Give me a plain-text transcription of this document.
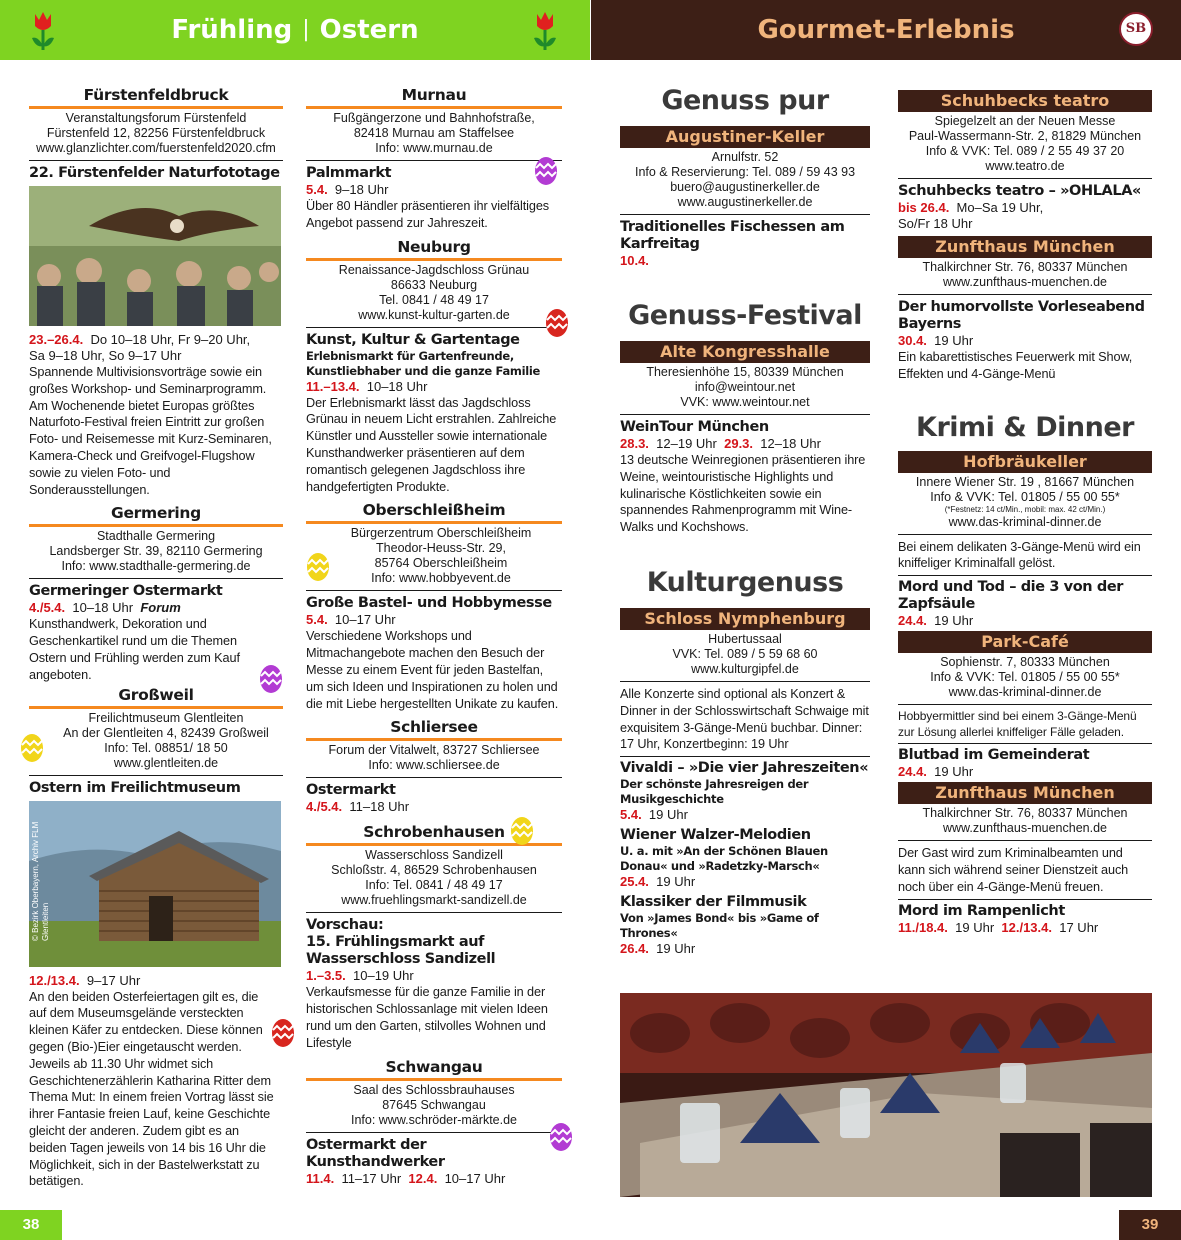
Frühling | Ostern	Gourmet-Erlebnis	SB
Fürstenfeldbruck
Veranstaltungsforum Fürstenfeld
Fürstenfeld 12, 82256 Fürstenfeldbruck
www.glanzlichter.com/fuerstenfeld2020.cfm
22. Fürstenfelder Naturfototage
23.–26.4. Do 10–18 Uhr, Fr 9–20 Uhr,
Sa 9–18 Uhr, So 9–17 Uhr
Spannende Multivisionsvorträge sowie ein großes Workshop- und Seminarprogramm. Am Wochenende bietet Europas größtes Naturfoto-Festival freien Eintritt zur großen Foto- und Reisemesse mit Kurz-Seminaren, Kamera-Check und Greifvogel-Flugshow sowie zu vielen Foto- und Sonderausstellungen.
Germering
Stadthalle Germering
Landsberger Str. 39, 82110 Germering
Info: www.stadthalle-germering.de
Germeringer Ostermarkt
4./5.4. 10–18 Uhr Forum
Kunsthandwerk, Dekoration und Geschenkartikel rund um die Themen Ostern und Frühling werden zum Kauf angeboten.
Großweil
Freilichtmuseum Glentleiten
An der Glentleiten 4, 82439 Großweil
Info: Tel. 08851/ 18 50
www.glentleiten.de
Ostern im Freilichtmuseum
© Bezirk Oberbayern, Archiv FLM Glentleiten
12./13.4. 9–17 Uhr
An den beiden Osterfeiertagen gilt es, die auf dem Museumsgelände versteckten kleinen Käfer zu entdecken. Diese können gegen (Bio-)Eier eingetauscht werden. Jeweils ab 11.30 Uhr widmet sich Geschichtenerzählerin Katharina Ritter dem Thema Mut: In einem freien Vortrag lässt sie ihrer Fantasie freien Lauf, keine Geschichte gleicht der anderen. Zudem gibt es an beiden Tagen jeweils von 14 bis 16 Uhr die Möglichkeit, sich in der Bastelwerkstatt zu betätigen.
Murnau
Fußgängerzone und Bahnhofstraße,
82418 Murnau am Staffelsee
Info: www.murnau.de
Palmmarkt
5.4. 9–18 Uhr
Über 80 Händler präsentieren ihr vielfältiges Angebot passend zur Jahreszeit.
Neuburg
Renaissance-Jagdschloss Grünau
86633 Neuburg
Tel. 0841 / 48 49 17
www.kunst-kultur-garten.de
Kunst, Kultur & Gartentage
Erlebnismarkt für Gartenfreunde, Kunstliebhaber und die ganze Familie
11.–13.4. 10–18 Uhr
Der Erlebnismarkt lässt das Jagdschloss Grünau in neuem Licht erstrahlen. Zahlreiche Künstler und Aussteller sowie internationale Kunsthandwerker präsentieren auf dem romantisch gelegenen Jagdschloss ihre handgefertigten Produkte.
Oberschleißheim
Bürgerzentrum Oberschleißheim
Theodor-Heuss-Str. 29,
85764 Oberschleißheim
Info: www.hobbyevent.de
Große Bastel- und Hobbymesse
5.4. 10–17 Uhr
Verschiedene Workshops und Mitmachangebote machen den Besuch der Messe zu einem Event für jeden Bastelfan, um sich Ideen und Inspirationen zu holen und die mit Liebe hergestellten Unikate zu kaufen.
Schliersee
Forum der Vitalwelt, 83727 Schliersee
Info: www.schliersee.de
Ostermarkt
4./5.4. 11–18 Uhr
Schrobenhausen
Wasserschloss Sandizell
Schloßstr. 4, 86529 Schrobenhausen
Info: Tel. 0841 / 48 49 17
www.fruehlingsmarkt-sandizell.de
Vorschau:
15. Frühlingsmarkt auf Wasserschloss Sandizell
1.–3.5. 10–19 Uhr
Verkaufsmesse für die ganze Familie in der historischen Schlossanlage mit vielen Ideen rund um den Garten, stilvolles Wohnen und Lifestyle
Schwangau
Saal des Schlossbrauhauses
87645 Schwangau
Info: www.schröder-märkte.de
Ostermarkt der Kunsthandwerker
11.4. 11–17 Uhr 12.4. 10–17 Uhr
Genuss pur
Augustiner-Keller
Arnulfstr. 52
Info & Reservierung: Tel. 089 / 59 43 93
buero@augustinerkeller.de
www.augustinerkeller.de
Traditionelles Fischessen am Karfreitag
10.4.
Genuss-Festival
Alte Kongresshalle
Theresienhöhe 15, 80339 München
info@weintour.net
VVK: www.weintour.net
WeinTour München
28.3. 12–19 Uhr 29.3. 12–18 Uhr
13 deutsche Weinregionen präsentieren ihre Weine, weintouristische Highlights und kulinarische Köstlichkeiten sowie ein spannendes Rahmenprogramm mit Wine-Walks und Kochshows.
Kulturgenuss
Schloss Nymphenburg
Hubertussaal
VVK: Tel. 089 / 5 59 68 60
www.kulturgipfel.de
Alle Konzerte sind optional als Konzert & Dinner in der Schlosswirtschaft Schwaige mit exquisitem 3-Gänge-Menü buchbar. Dinner: 17 Uhr, Konzertbeginn: 19 Uhr
Vivaldi – »Die vier Jahreszeiten«
Der schönste Jahresreigen der Musikgeschichte
5.4. 19 Uhr
Wiener Walzer-Melodien
U. a. mit »An der Schönen Blauen Donau« und »Radetzky-Marsch«
25.4. 19 Uhr
Klassiker der Filmmusik
Von »James Bond« bis »Game of Thrones«
26.4. 19 Uhr
Schuhbecks teatro
Spiegelzelt an der Neuen Messe
Paul-Wassermann-Str. 2, 81829 München
Info & VVK: Tel. 089 / 2 55 49 37 20
www.teatro.de
Schuhbecks teatro – »OHLALA«
bis 26.4. Mo–Sa 19 Uhr,
So/Fr 18 Uhr
Zunfthaus München
Thalkirchner Str. 76, 80337 München
www.zunfthaus-muenchen.de
Der humorvollste Vorleseabend Bayerns
30.4. 19 Uhr
Ein kabarettistisches Feuerwerk mit Show, Effekten und 4-Gänge-Menü
Krimi & Dinner
Hofbräukeller
Innere Wiener Str. 19 , 81667 München
Info & VVK: Tel. 01805 / 55 00 55*
(*Festnetz: 14 ct/Min., mobil: max. 42 ct/Min.)
www.das-kriminal-dinner.de
Bei einem delikaten 3-Gänge-Menü wird ein kniffeliger Kriminalfall gelöst.
Mord und Tod – die 3 von der Zapfsäule
24.4. 19 Uhr
Park-Café
Sophienstr. 7, 80333 München
Info & VVK: Tel. 01805 / 55 00 55*
www.das-kriminal-dinner.de
Hobbyermittler sind bei einem 3-Gänge-Menü zur Lösung allerlei kniffeliger Fälle geladen.
Blutbad im Gemeinderat
24.4. 19 Uhr
Zunfthaus München
Thalkirchner Str. 76, 80337 München
www.zunfthaus-muenchen.de
Der Gast wird zum Kriminalbeamten und kann sich während seiner Dienstzeit auch noch über ein 4-Gänge-Menü freuen.
Mord im Rampenlicht
11./18.4. 19 Uhr 12./13.4. 17 Uhr
38	39
